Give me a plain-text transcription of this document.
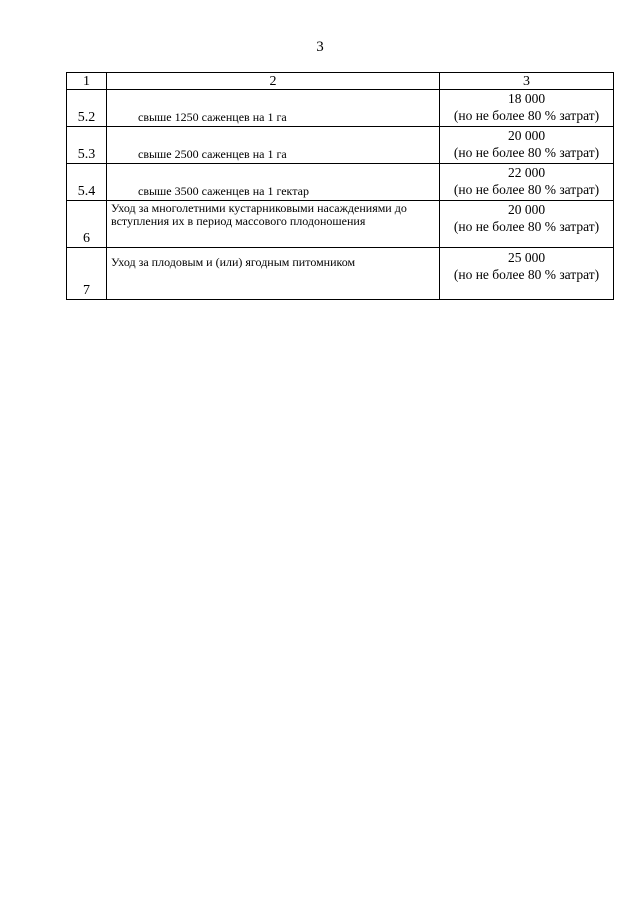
3
1	2	3
5.2	свыше 1250 саженцев на 1 га	18 000
(но не более 80 % затрат)

5.3	свыше 2500 саженцев на 1 га	20 000
(но не более 80 % затрат)

5.4	свыше 3500 саженцев на 1 гектар	22 000
(но не более 80 % затрат)

6	Уход за многолетними кустарниковыми насаждениями до вступления их в период массового плодоношения	20 000
(но не более 80 % затрат)

7	Уход за плодовым и (или) ягодным питомником	25 000
(но не более 80 % затрат)
